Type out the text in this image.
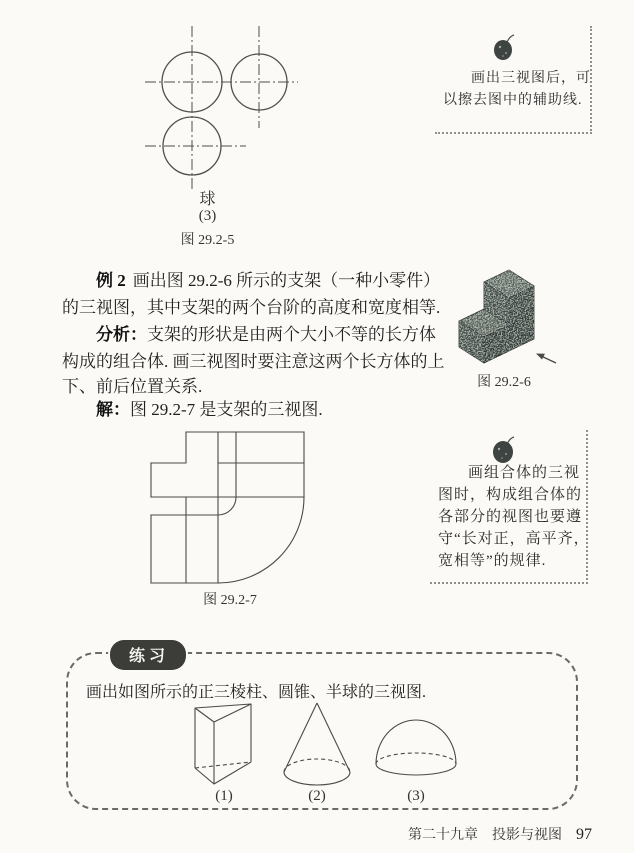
球
(3)
图 29.2-5
画出三视图后，可
以擦去图中的辅助线.
例 2 画出图 29.2-6 所示的支架（一种小零件）
的三视图，其中支架的两个台阶的高度和宽度相等.
分析：支架的形状是由两个大小不等的长方体
构成的组合体. 画三视图时要注意这两个长方体的上
下、前后位置关系.
解：图 29.2-7 是支架的三视图.
图 29.2-6
画组合体的三视
图时，构成组合体的
各部分的视图也要遵
守“长对正，高平齐，
宽相等”的规律.
图 29.2-7
练习
画出如图所示的正三棱柱、圆锥、半球的三视图.
(1)	(2)	(3)
第二十九章　投影与视图 97
